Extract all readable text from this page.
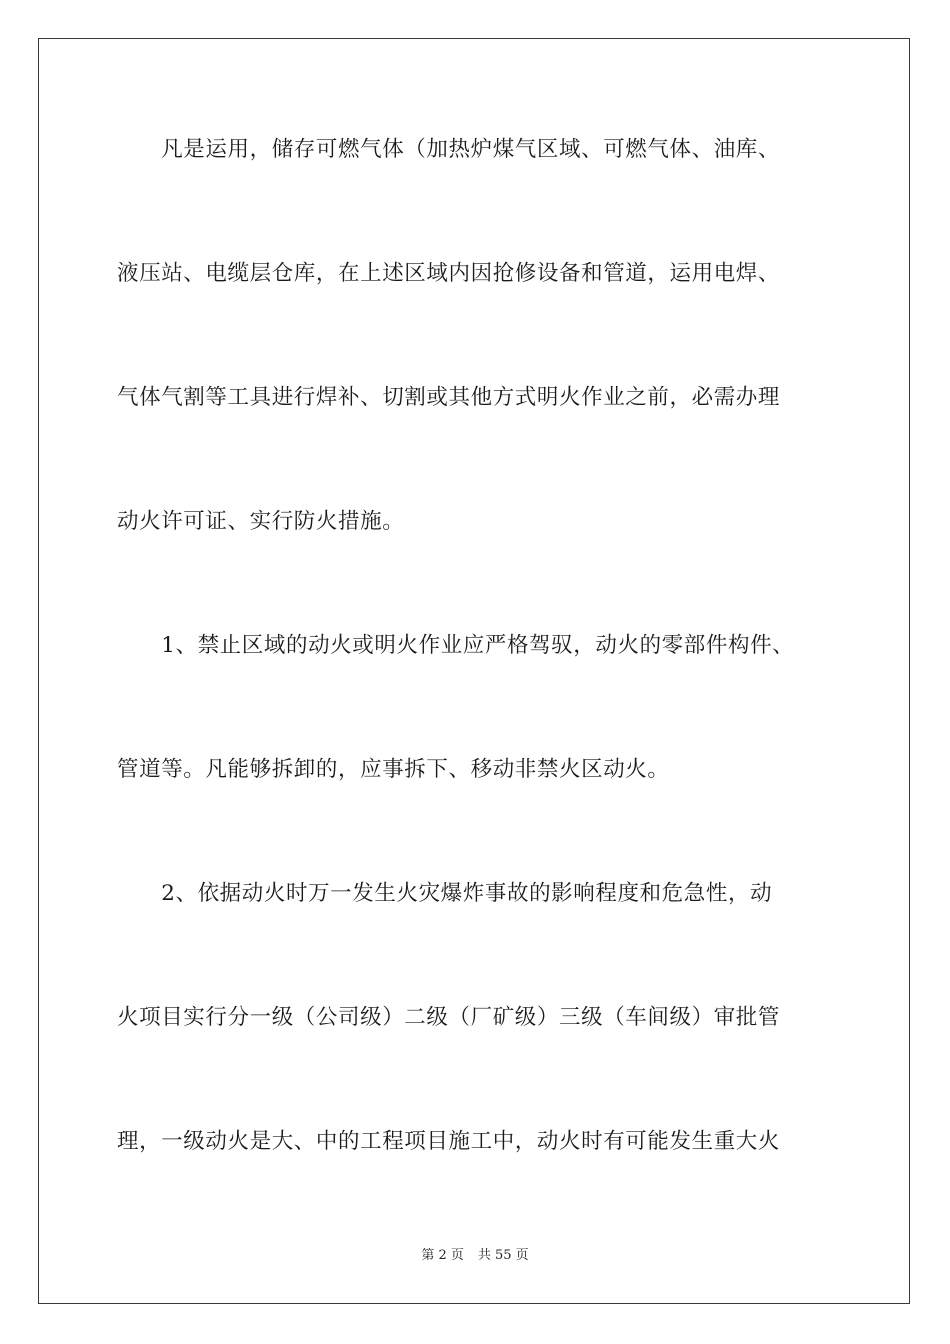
　　凡是运用，储存可燃气体（加热炉煤气区域、可燃气体、油库、
液压站、电缆层仓库，在上述区域内因抢修设备和管道，运用电焊、
气体气割等工具进行焊补、切割或其他方式明火作业之前，必需办理
动火许可证、实行防火措施。
　　1、禁止区域的动火或明火作业应严格驾驭，动火的零部件构件、
管道等。凡能够拆卸的，应事拆下、移动非禁火区动火。
　　2、依据动火时万一发生火灾爆炸事故的影响程度和危急性，动
火项目实行分一级（公司级）二级（厂矿级）三级（车间级）审批管
理，一级动火是大、中的工程项目施工中，动火时有可能发生重大火
第 2 页 共 55 页
